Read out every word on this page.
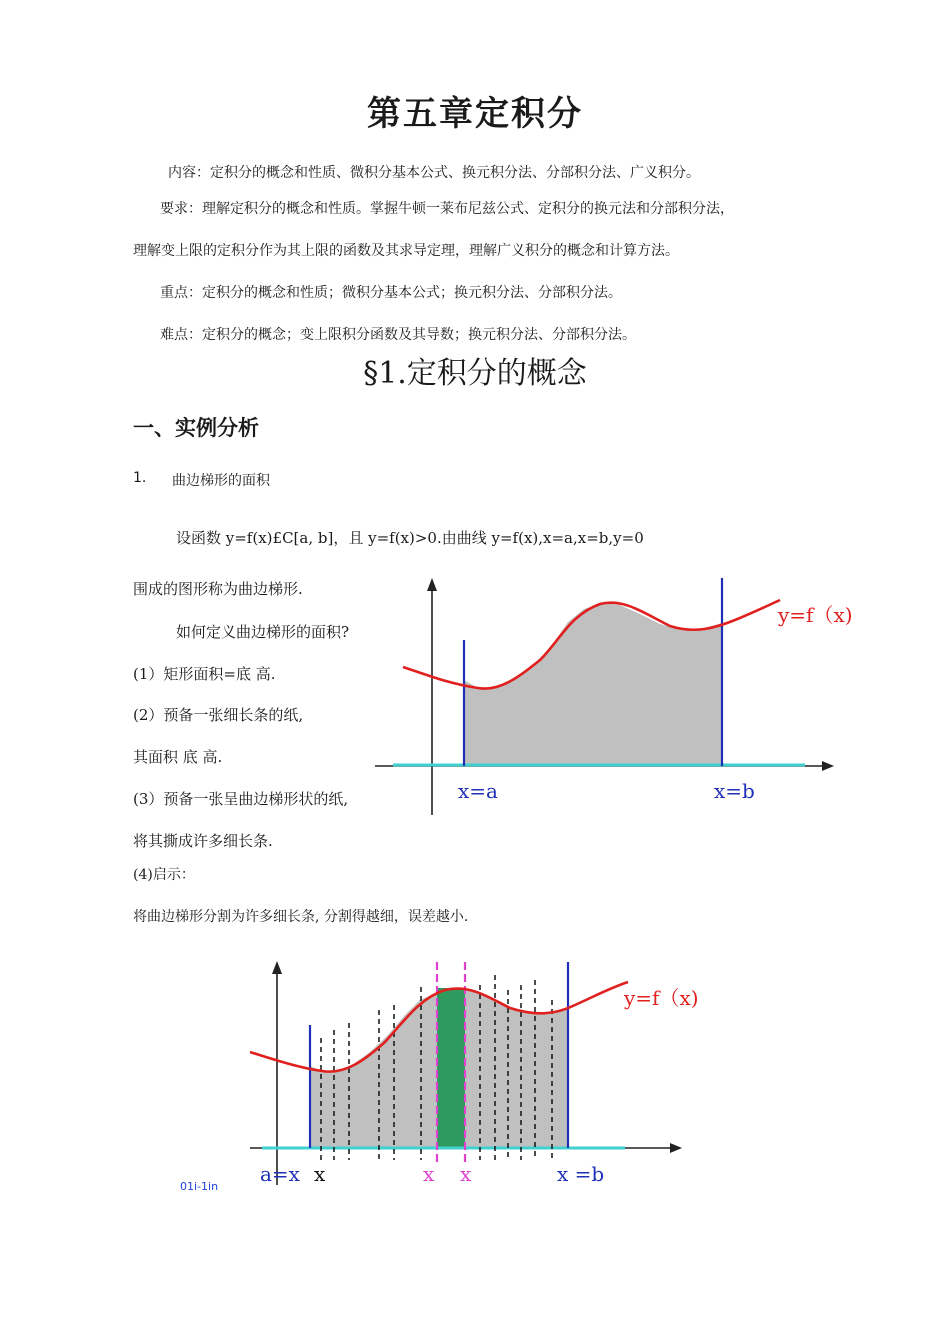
第五章定积分
内容：定积分的概念和性质、微积分基本公式、换元积分法、分部积分法、广义积分。
要求：理解定积分的概念和性质。掌握牛顿一莱布尼兹公式、定积分的换元法和分部积分法，
理解变上限的定积分作为其上限的函数及其求导定理，理解广义积分的概念和计算方法。
重点：定积分的概念和性质；微积分基本公式；换元积分法、分部积分法。
难点：定积分的概念；变上限积分函数及其导数；换元积分法、分部积分法。
§1.定积分的概念
一、实例分析
1. 曲边梯形的面积
设函数 y=f(x)£C[a, b]，且 y=f(x)>0.由曲线 y=f(x),x=a,x=b,y=0
围成的图形称为曲边梯形.
如何定义曲边梯形的面积?
(1）矩形面积=底 高.
(2）预备一张细长条的纸,
其面积 底 高.
(3）预备一张呈曲边梯形状的纸,
将其撕成许多细长条.
(4)启示：
将曲边梯形分割为许多细长条, 分割得越细，误差越小.
y=f（x)
x=a	x=b
y=f（x)
a=x x	x x	x =b
01i-1in
